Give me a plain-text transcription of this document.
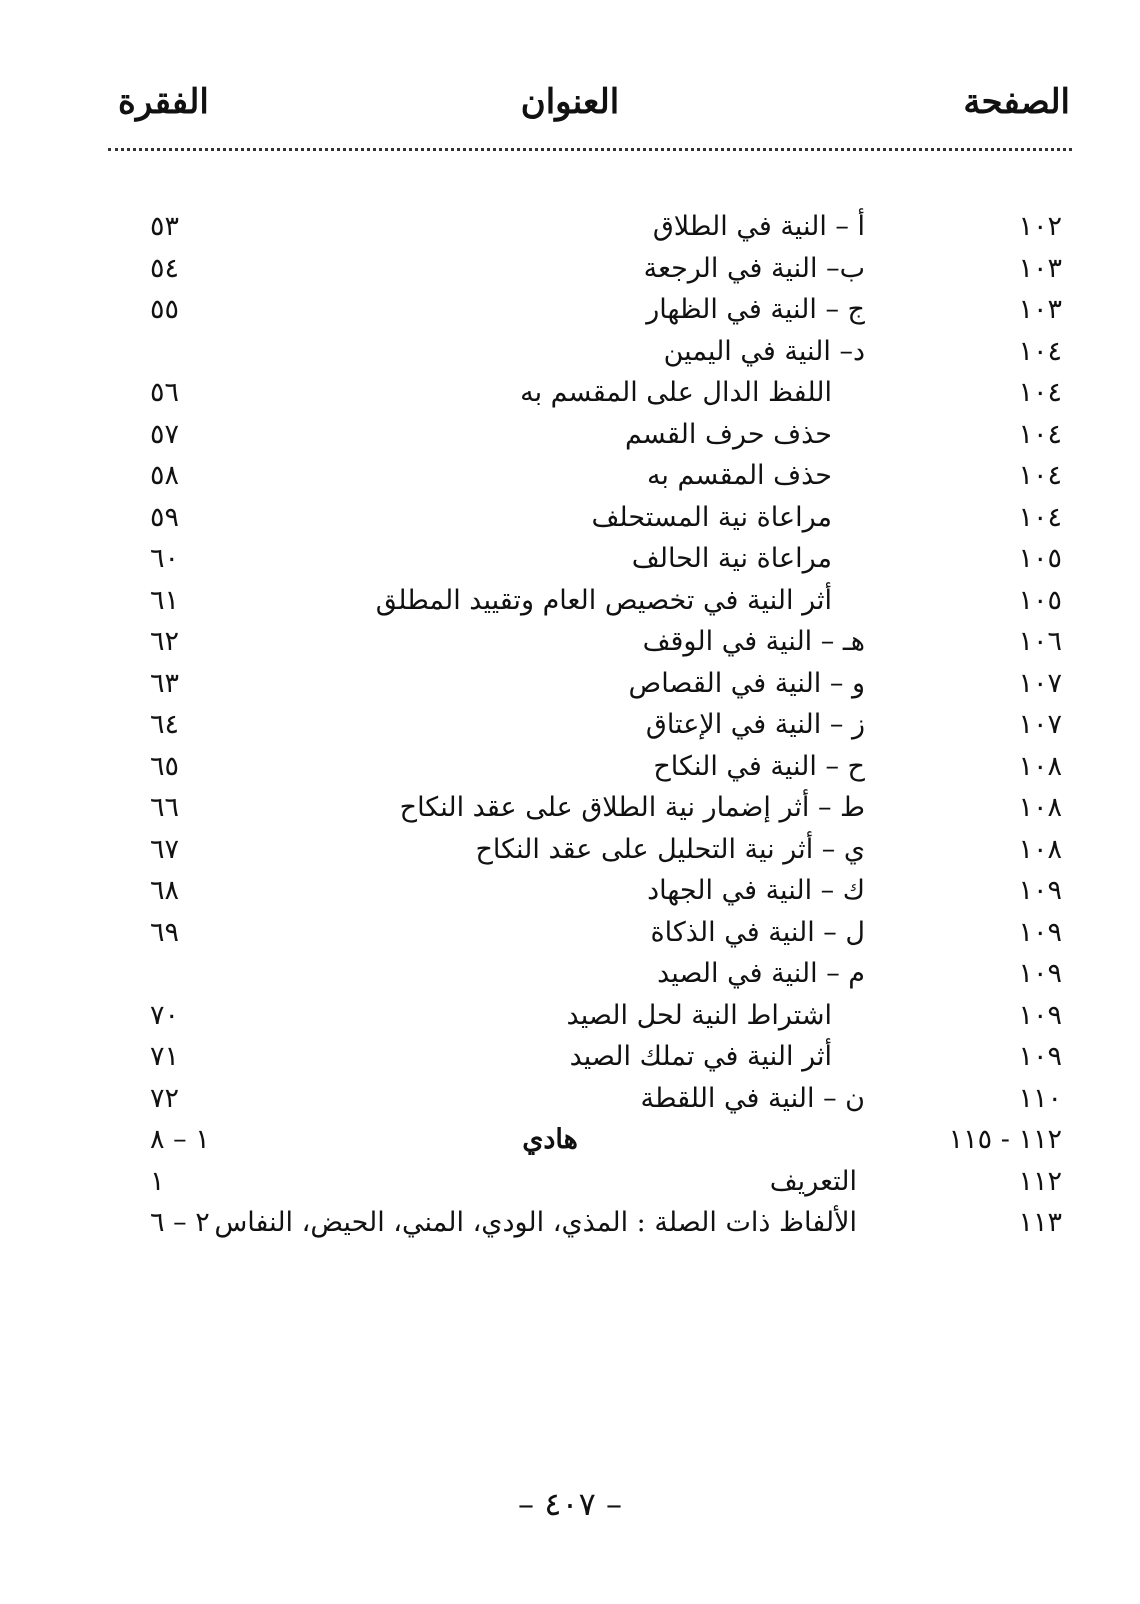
الصفحة
العنوان
الفقرة
١٠٢
أ – النية في الطلاق
٥٣
١٠٣
ب– النية في الرجعة
٥٤
١٠٣
ج – النية في الظهار
٥٥
١٠٤
د– النية في اليمين
١٠٤
اللفظ الدال على المقسم به
٥٦
١٠٤
حذف حرف القسم
٥٧
١٠٤
حذف المقسم به
٥٨
١٠٤
مراعاة نية المستحلف
٥٩
١٠٥
مراعاة نية الحالف
٦٠
١٠٥
أثر النية في تخصيص العام وتقييد المطلق
٦١
١٠٦
هـ – النية في الوقف
٦٢
١٠٧
و – النية في القصاص
٦٣
١٠٧
ز – النية في الإعتاق
٦٤
١٠٨
ح – النية في النكاح
٦٥
١٠٨
ط – أثر إضمار نية الطلاق على عقد النكاح
٦٦
١٠٨
ي – أثر نية التحليل على عقد النكاح
٦٧
١٠٩
ك – النية في الجهاد
٦٨
١٠٩
ل – النية في الذكاة
٦٩
١٠٩
م – النية في الصيد
١٠٩
اشتراط النية لحل الصيد
٧٠
١٠٩
أثر النية في تملك الصيد
٧١
١١٠
ن – النية في اللقطة
٧٢
١١٢ - ١١٥
هادي
١ – ٨
١١٢
التعريف
١
١١٣
الألفاظ ذات الصلة : المذي، الودي، المني، الحيض، النفاس
٢ – ٦
– ٤٠٧ –
